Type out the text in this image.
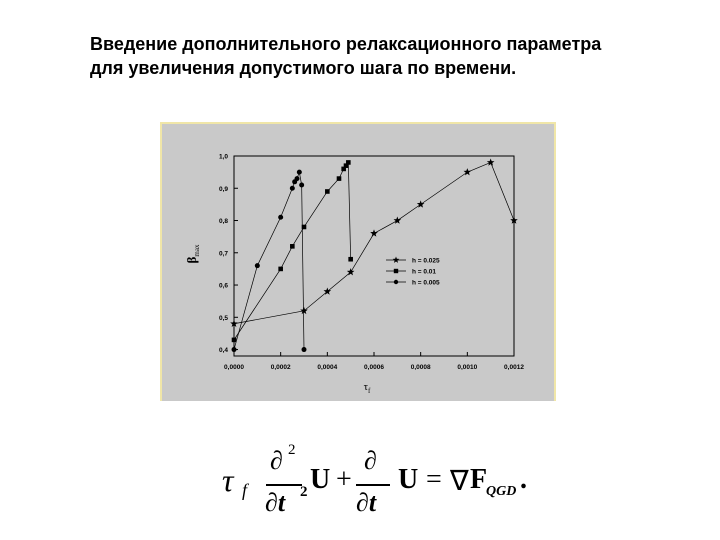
Введение дополнительного релаксационного параметра
для увеличения допустимого шага по времени.
0,0000	0,0002	0,0004	0,0006	0,0008	0,0010	0,0012
0,4
0,5
0,6
0,7
0,8
0,9
1,0
h = 0.025
h = 0.01
h = 0.005
$\tau_f$
$\beta_{max}$
τ f
∂ 2
∂t 2 U +
∂
∂t
U = ∇ F
QGD .
